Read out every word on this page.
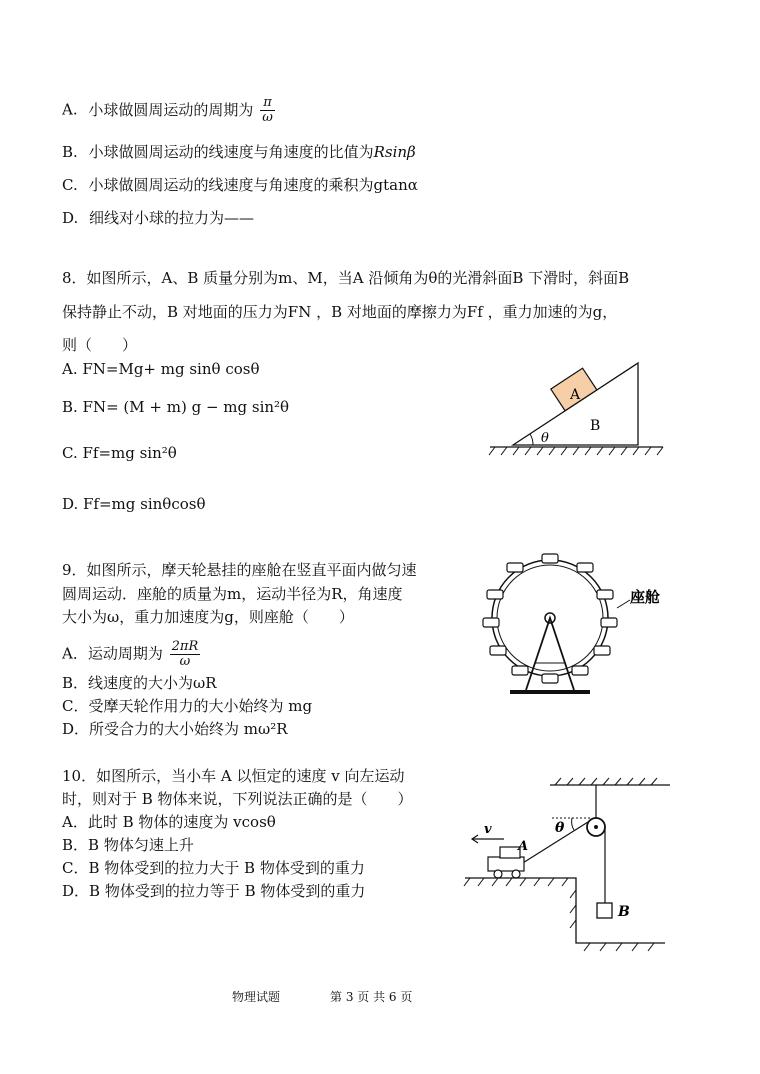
A. 小球做圆周运动的周期为 $\frac{\pi}{\omega}$
B. 小球做圆周运动的线速度与角速度的比值为Rsinβ
C. 小球做圆周运动的线速度与角速度的乘积为gtanα
D. 细线对小球的拉力为——
8．如图所示，A、B 质量分别为m、M，当A 沿倾角为θ的光滑斜面B 下滑时，斜面B
保持静止不动，B 对地面的压力为FN ，B 对地面的摩擦力为Ff ，重力加速的为g，
则（　　）
A. FN=Mg+ mg sinθ cosθ
B. FN= (M + m) g − mg sin²θ
C. Ff=mg sin²θ
D. Ff=mg sinθcosθ
A
B
θ
9．如图所示，摩天轮悬挂的座舱在竖直平面内做匀速
圆周运动．座舱的质量为m，运动半径为R，角速度
大小为ω，重力加速度为g，则座舱（　　）
A．运动周期为 $\frac{2\pi R}{\omega}$
B．线速度的大小为ωR
C．受摩天轮作用力的大小始终为 mg
D．所受合力的大小始终为 mω²R
座舱
10．如图所示，当小车 A 以恒定的速度 v 向左运动
时，则对于 B 物体来说，下列说法正确的是（　　）
A．此时 B 物体的速度为 vcosθ
B．B 物体匀速上升
C．B 物体受到的拉力大于 B 物体受到的重力
D．B 物体受到的拉力等于 B 物体受到的重力
θ
B
A
v
物理试题	第 3 页 共 6 页
